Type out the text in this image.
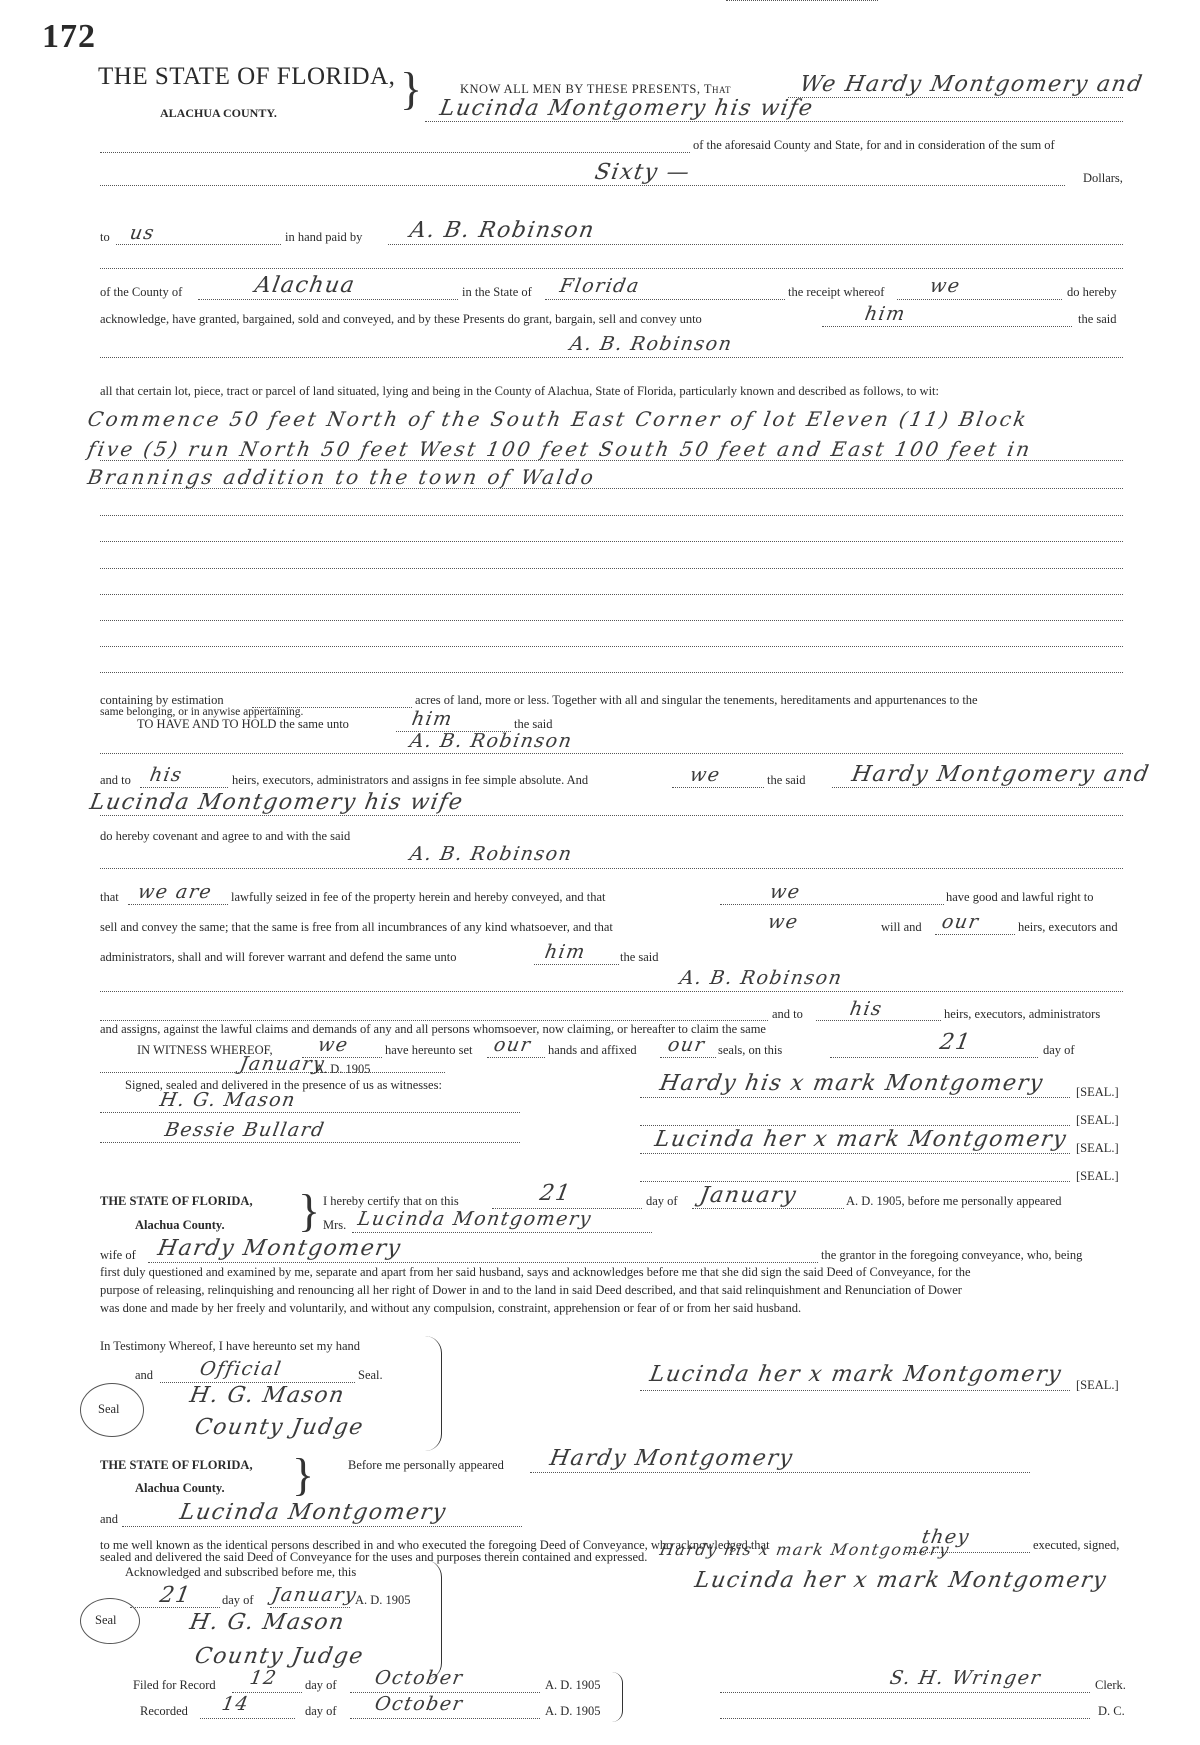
172
THE STATE OF FLORIDA,
ALACHUA COUNTY.	}	KNOW ALL MEN BY THESE PRESENTS, That	We Hardy Montgomery and
Lucinda Montgomery his wife
of the aforesaid County and State, for and in consideration of the sum of
Sixty —	Dollars,
to us	in hand paid by A. B. Robinson
of the County of	Alachua	in the State of Florida	the receipt whereof we	do hereby
acknowledge, have granted, bargained, sold and conveyed, and by these Presents do grant, bargain, sell and convey unto	him	the said
A. B. Robinson
all that certain lot, piece, tract or parcel of land situated, lying and being in the County of Alachua, State of Florida, particularly known and described as follows, to wit:
Commence 50 feet North of the South East Corner of lot Eleven (11) Block
five (5) run North 50 feet West 100 feet South 50 feet and East 100 feet in
Brannings addition to the town of Waldo
containing by estimation	acres of land, more or less. Together with all and singular the tenements, hereditaments and appurtenances to the
same belonging, or in anywise appertaining.
TO HAVE AND TO HOLD the same unto	him	the said
A. B. Robinson
and to his	heirs, executors, administrators and assigns in fee simple absolute. And	we	the said Hardy Montgomery and
Lucinda Montgomery his wife
do hereby covenant and agree to and with the said
A. B. Robinson
that we are lawfully seized in fee of the property herein and hereby conveyed, and that	we	have good and lawful right to
sell and convey the same; that the same is free from all incumbrances of any kind whatsoever, and that	we	will and our	heirs, executors and
administrators, shall and will forever warrant and defend the same unto	him	the said
A. B. Robinson
and to his	heirs, executors, administrators
and assigns, against the lawful claims and demands of any and all persons whomsoever, now claiming, or hereafter to claim the same
IN WITNESS WHEREOF, we	have hereunto set our hands and affixed our seals, on this	21	day of
January
A. D. 1905
Signed, sealed and delivered in the presence of us as witnesses:
H. G. Mason
Bessie Bullard
Hardy his x mark Montgomery [SEAL.]
[SEAL.]
Lucinda her x mark Montgomery [SEAL.]
[SEAL.]
THE STATE OF FLORIDA,
Alachua County. } I hereby certify that on this	21	day of January	A. D. 1905, before me personally appeared
Mrs. Lucinda Montgomery
wife of Hardy Montgomery	the grantor in the foregoing conveyance, who, being
first duly questioned and examined by me, separate and apart from her said husband, says and acknowledges before me that she did sign the said Deed of Conveyance, for the
purpose of releasing, relinquishing and renouncing all her right of Dower in and to the land in said Deed described, and that said relinquishment and Renunciation of Dower
was done and made by her freely and voluntarily, and without any compulsion, constraint, apprehension or fear of or from her said husband.
In Testimony Whereof, I have hereunto set my hand
and Official	Seal.
H. G. Mason
County Judge
Seal
Lucinda her x mark Montgomery [SEAL.]
THE STATE OF FLORIDA,
Alachua County. }	Before me personally appeared Hardy Montgomery
and	Lucinda Montgomery
to me well known as the identical persons described in and who executed the foregoing Deed of Conveyance, who acknowledged that	they	executed, signed,
sealed and delivered the said Deed of Conveyance for the uses and purposes therein contained and expressed.
Acknowledged and subscribed before me, this
Hardy his x mark Montgomery
Lucinda her x mark Montgomery
21 day of January
A. D. 1905
H. G. Mason
County Judge
Seal
Filed for Record 12 day of October	A. D. 1905
Recorded 14	day of October	A. D. 1905
S. H. Wringer	Clerk.
D. C.
